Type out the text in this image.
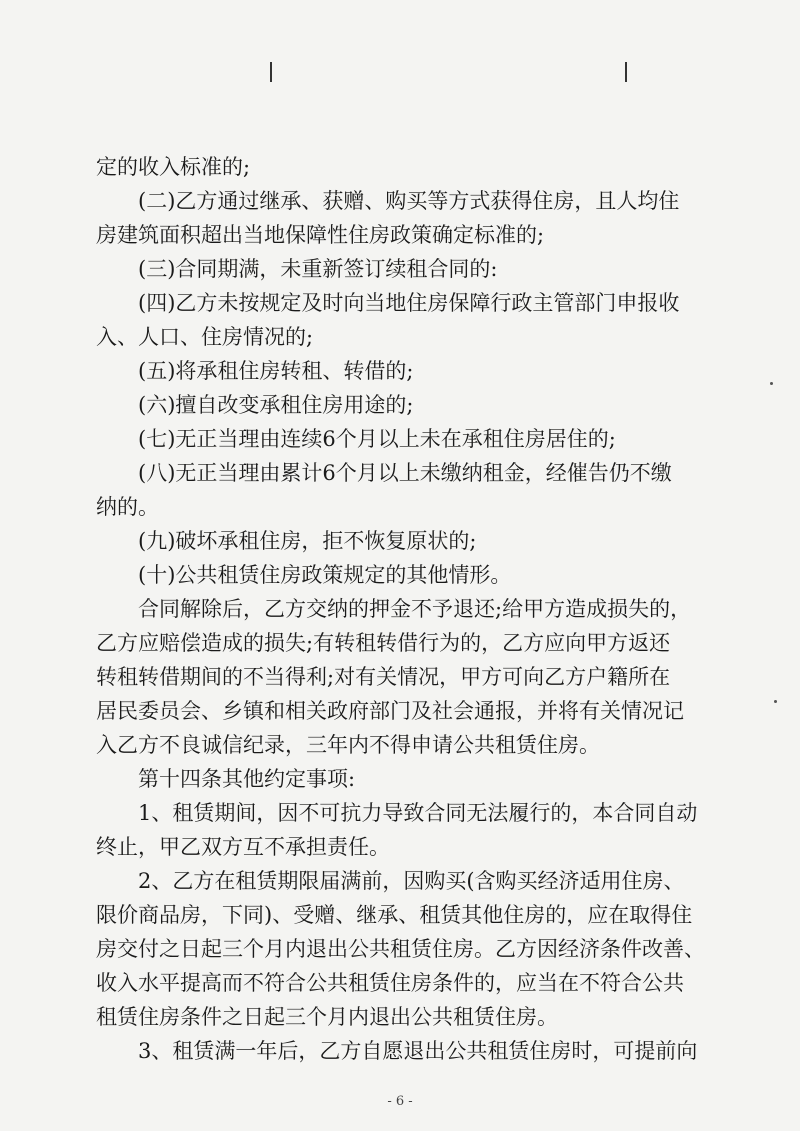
定的收入标准的;
(二)乙方通过继承、获赠、购买等方式获得住房，且人均住
房建筑面积超出当地保障性住房政策确定标准的;
(三)合同期满，未重新签订续租合同的:
(四)乙方未按规定及时向当地住房保障行政主管部门申报收
入、人口、住房情况的;
(五)将承租住房转租、转借的;
(六)擅自改变承租住房用途的;
(七)无正当理由连续6个月以上未在承租住房居住的;
(八)无正当理由累计6个月以上未缴纳租金，经催告仍不缴
纳的。
(九)破坏承租住房，拒不恢复原状的;
(十)公共租赁住房政策规定的其他情形。
合同解除后，乙方交纳的押金不予退还;给甲方造成损失的，
乙方应赔偿造成的损失;有转租转借行为的，乙方应向甲方返还
转租转借期间的不当得利;对有关情况，甲方可向乙方户籍所在
居民委员会、乡镇和相关政府部门及社会通报，并将有关情况记
入乙方不良诚信纪录，三年内不得申请公共租赁住房。
第十四条其他约定事项:
1、租赁期间，因不可抗力导致合同无法履行的，本合同自动
终止，甲乙双方互不承担责任。
2、乙方在租赁期限届满前，因购买(含购买经济适用住房、
限价商品房，下同)、受赠、继承、租赁其他住房的，应在取得住
房交付之日起三个月内退出公共租赁住房。乙方因经济条件改善、
收入水平提高而不符合公共租赁住房条件的，应当在不符合公共
租赁住房条件之日起三个月内退出公共租赁住房。
3、租赁满一年后，乙方自愿退出公共租赁住房时，可提前向
- 6 -
